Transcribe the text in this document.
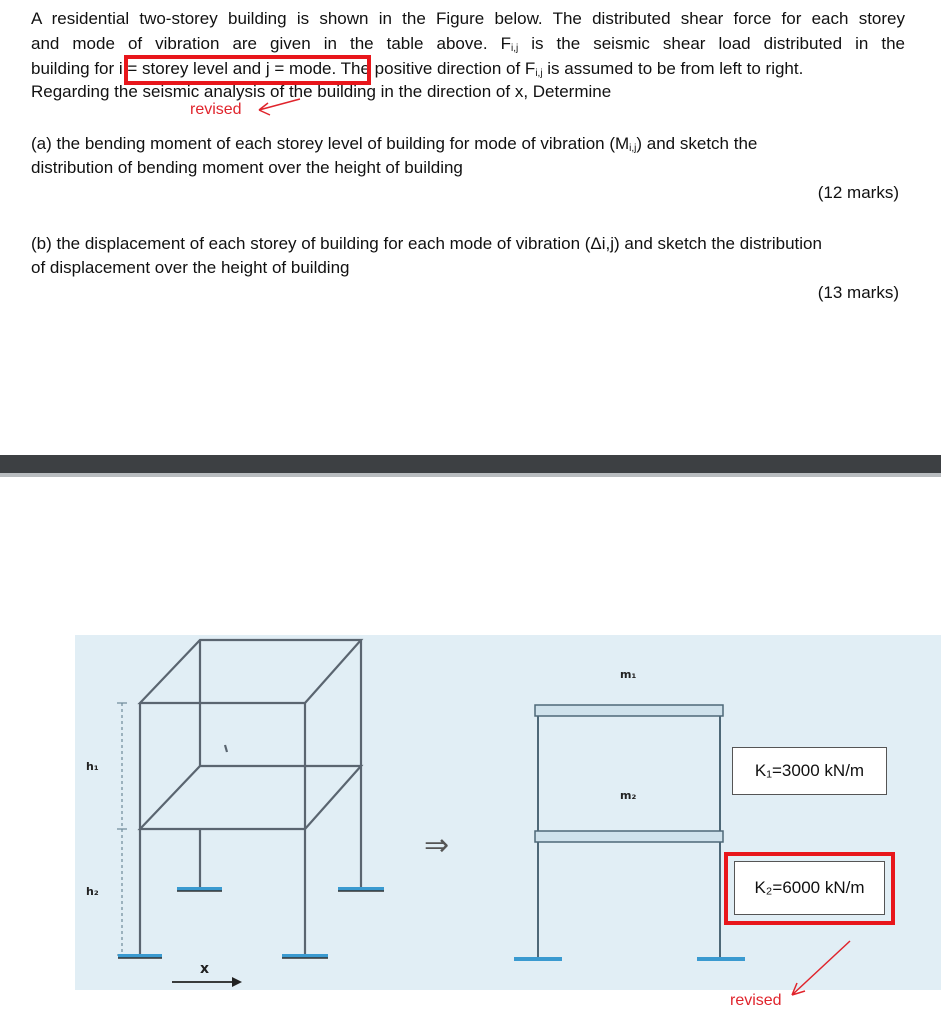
A residential two-storey building is shown in the Figure below. The distributed shear force for each storey
and mode of vibration are given in the table above. $F_{i,j}$ is the seismic shear load distributed in the
building for i = storey level and j = mode. The positive direction of $F_{i,j}$ is assumed to be from left to right.
Regarding the seismic analysis of the building in the direction of x, Determine
revised
(a) the bending moment of each storey level of building for mode of vibration $(M_{i,j})$ and sketch the
distribution of bending moment over the height of building
(12 marks)
(b) the displacement of each storey of building for each mode of vibration (Δi,j) and sketch the distribution
of displacement over the height of building
(13 marks)
h₁
h₂
x
m₁
m₂
⇒
K₁=3000 kN/m
K₂=6000 kN/m
revised
